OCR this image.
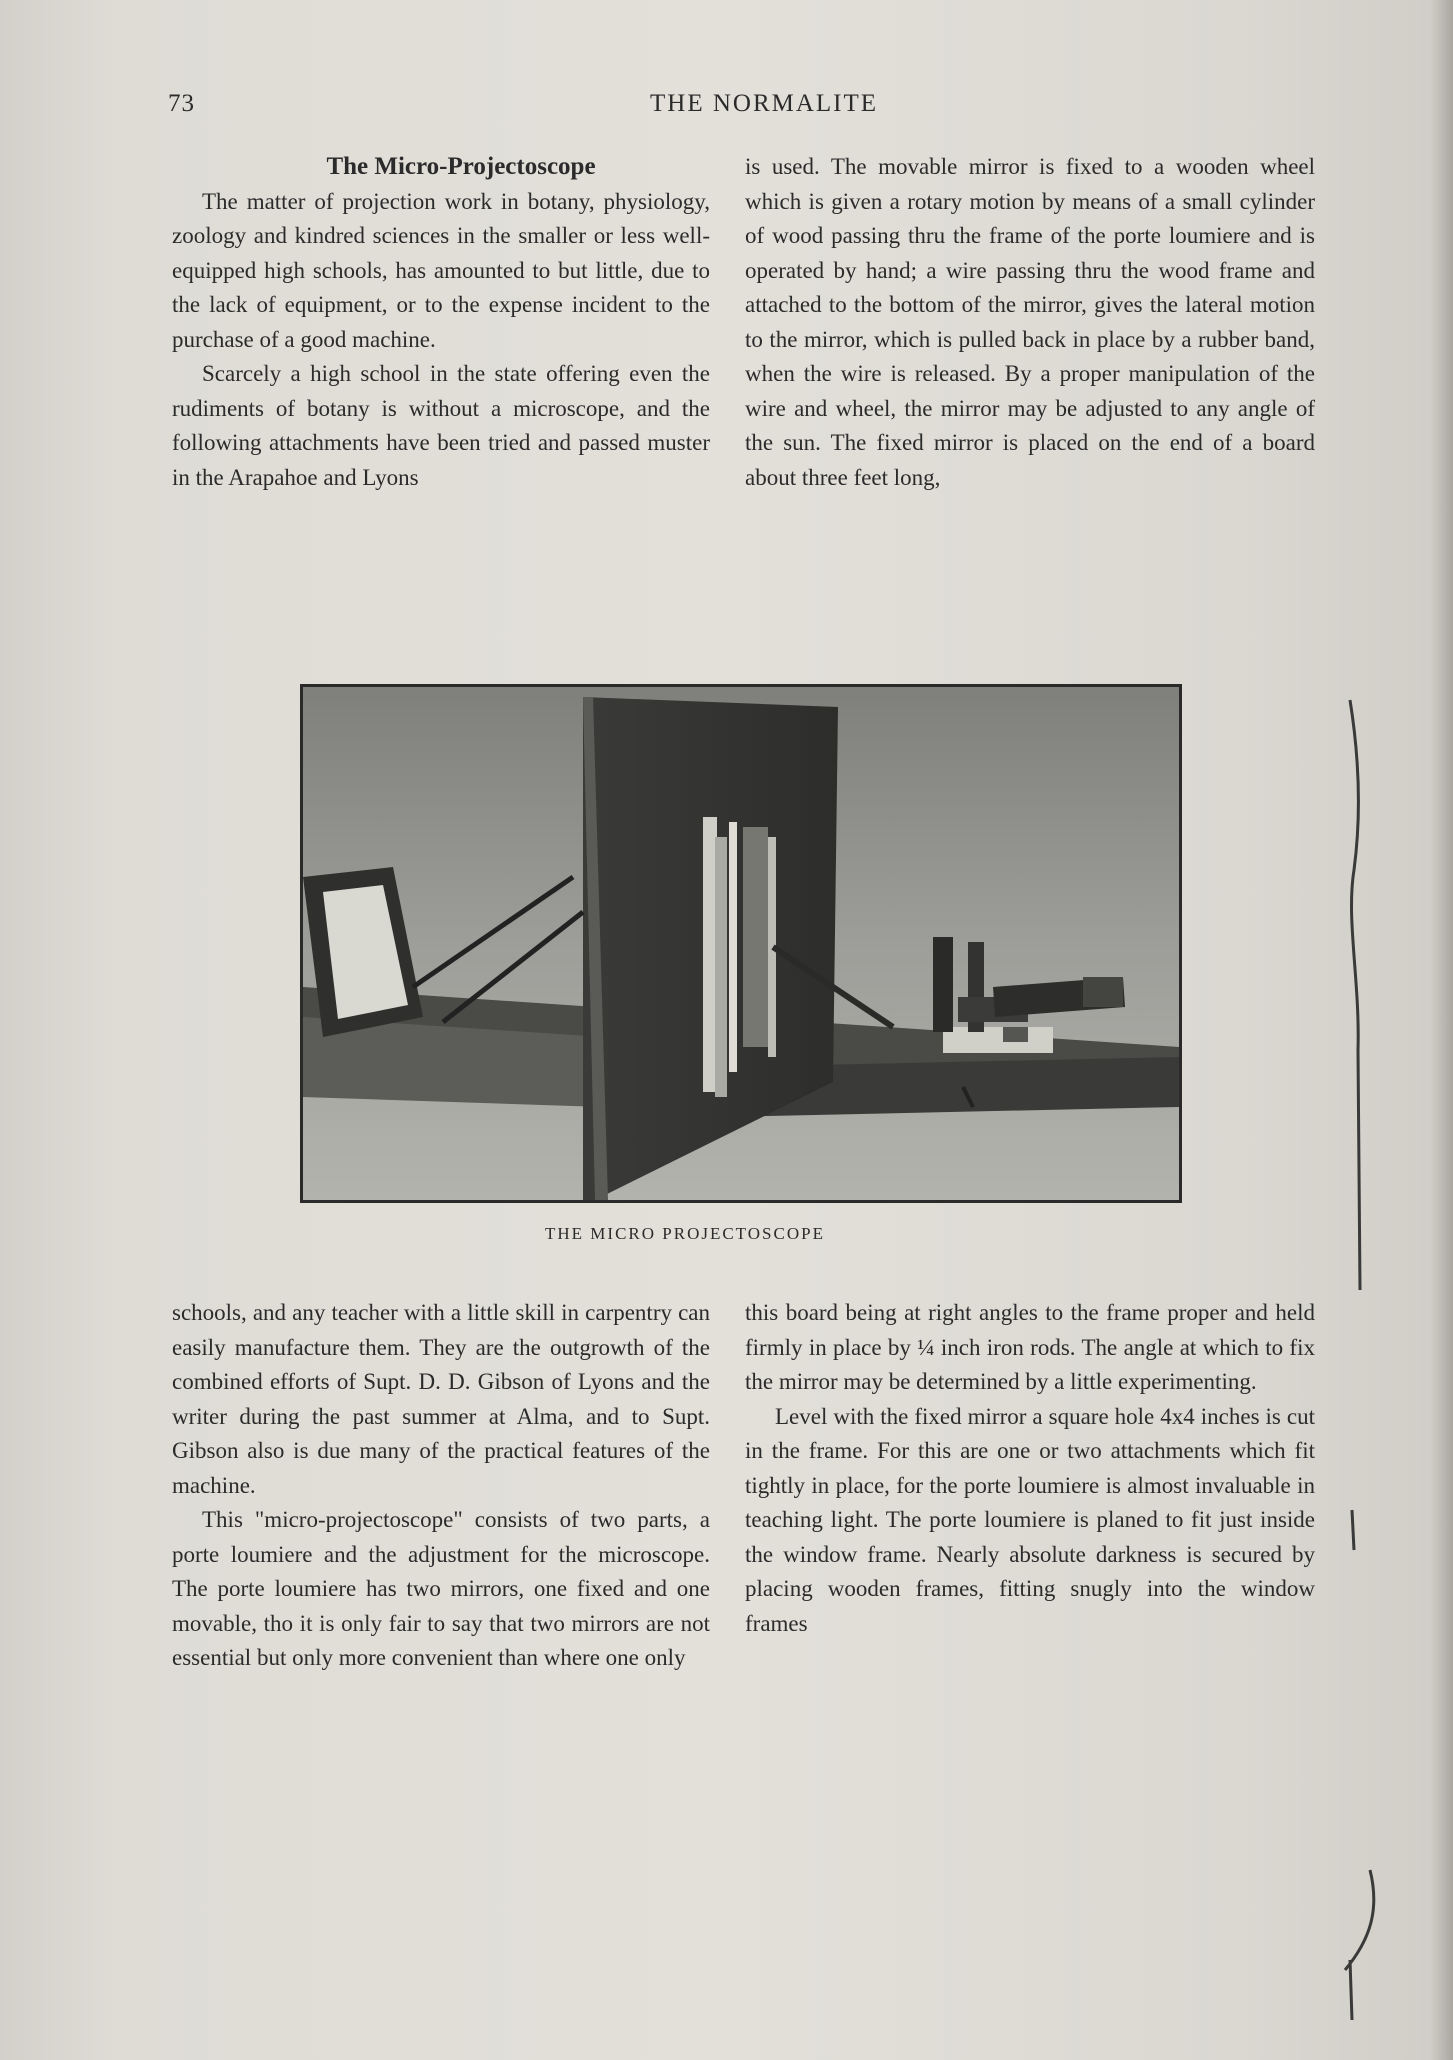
73	THE NORMALITE

The Micro-Projectoscope

The matter of projection work in botany, physiology, zoology and kindred sciences in the smaller or less well-equipped high schools, has amounted to but little, due to the lack of equipment, or to the expense incident to the purchase of a good machine.

Scarcely a high school in the state offering even the rudiments of botany is without a microscope, and the following attachments have been tried and passed muster in the Arapahoe and Lyons

is used. The movable mirror is fixed to a wooden wheel which is given a rotary motion by means of a small cylinder of wood passing thru the frame of the porte loumiere and is operated by hand; a wire passing thru the wood frame and attached to the bottom of the mirror, gives the lateral motion to the mirror, which is pulled back in place by a rubber band, when the wire is released. By a proper manipulation of the wire and wheel, the mirror may be adjusted to any angle of the sun. The fixed mirror is placed on the end of a board about three feet long,

THE MICRO PROJECTOSCOPE

schools, and any teacher with a little skill in carpentry can easily manufacture them. They are the outgrowth of the combined efforts of Supt. D. D. Gibson of Lyons and the writer during the past summer at Alma, and to Supt. Gibson also is due many of the practical features of the machine.

This "micro-projectoscope" consists of two parts, a porte loumiere and the adjustment for the microscope. The porte loumiere has two mirrors, one fixed and one movable, tho it is only fair to say that two mirrors are not essential but only more convenient than where one only

this board being at right angles to the frame proper and held firmly in place by ¼ inch iron rods. The angle at which to fix the mirror may be determined by a little experimenting.

Level with the fixed mirror a square hole 4x4 inches is cut in the frame. For this are one or two attachments which fit tightly in place, for the porte loumiere is almost invaluable in teaching light. The porte loumiere is planed to fit just inside the window frame. Nearly absolute darkness is secured by placing wooden frames, fitting snugly into the window frames
